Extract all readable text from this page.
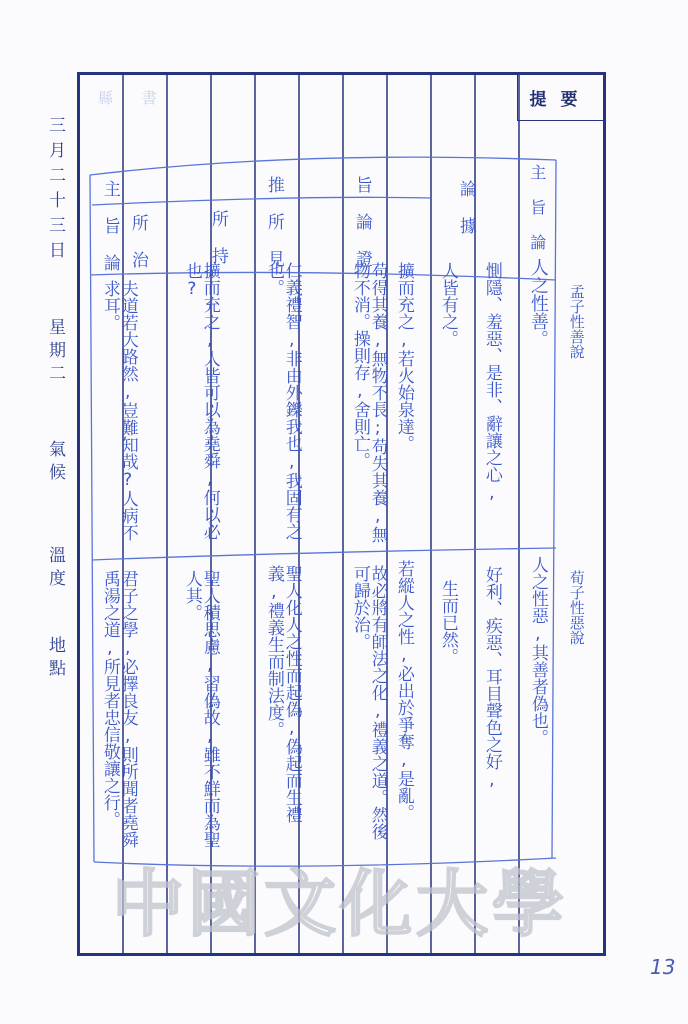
三月二十三日
星期二
氣候
溫度
地點
提要
縣 書
主 旨 論	論 據
旨 論 證
推 所 見
所 持
所 治
孟子性善說
荀子性惡說
主 旨 論
人之性善。
人之性惡,其善者偽也。
惻隱、羞惡、是非、辭讓之心,
好利、疾惡、耳目聲色之好,
人皆有之。
生而已然。
擴而充之,若火始泉達。
若縱人之性,必出於爭奪,是亂。
苟得其養,無物不長;苟失其養,無物不消。操則存,舍則亡。
故必將有師法之化,禮義之道。然後可歸於治。
仁義禮智,非由外鑠我也,我固有之也。
聖人化人之性而起偽,偽起而生禮義,禮義生而制法度。
擴而充之,人皆可以為堯舜,何以必也?
聖人積思慮,習偽故,雖不鮮而為聖人其。
夫道若大路然,豈難知哉?人病不求耳。
君子之學,必擇良友,則所聞者堯舜禹湯之道,所見者忠信敬讓之行。
中國文化大學
13
